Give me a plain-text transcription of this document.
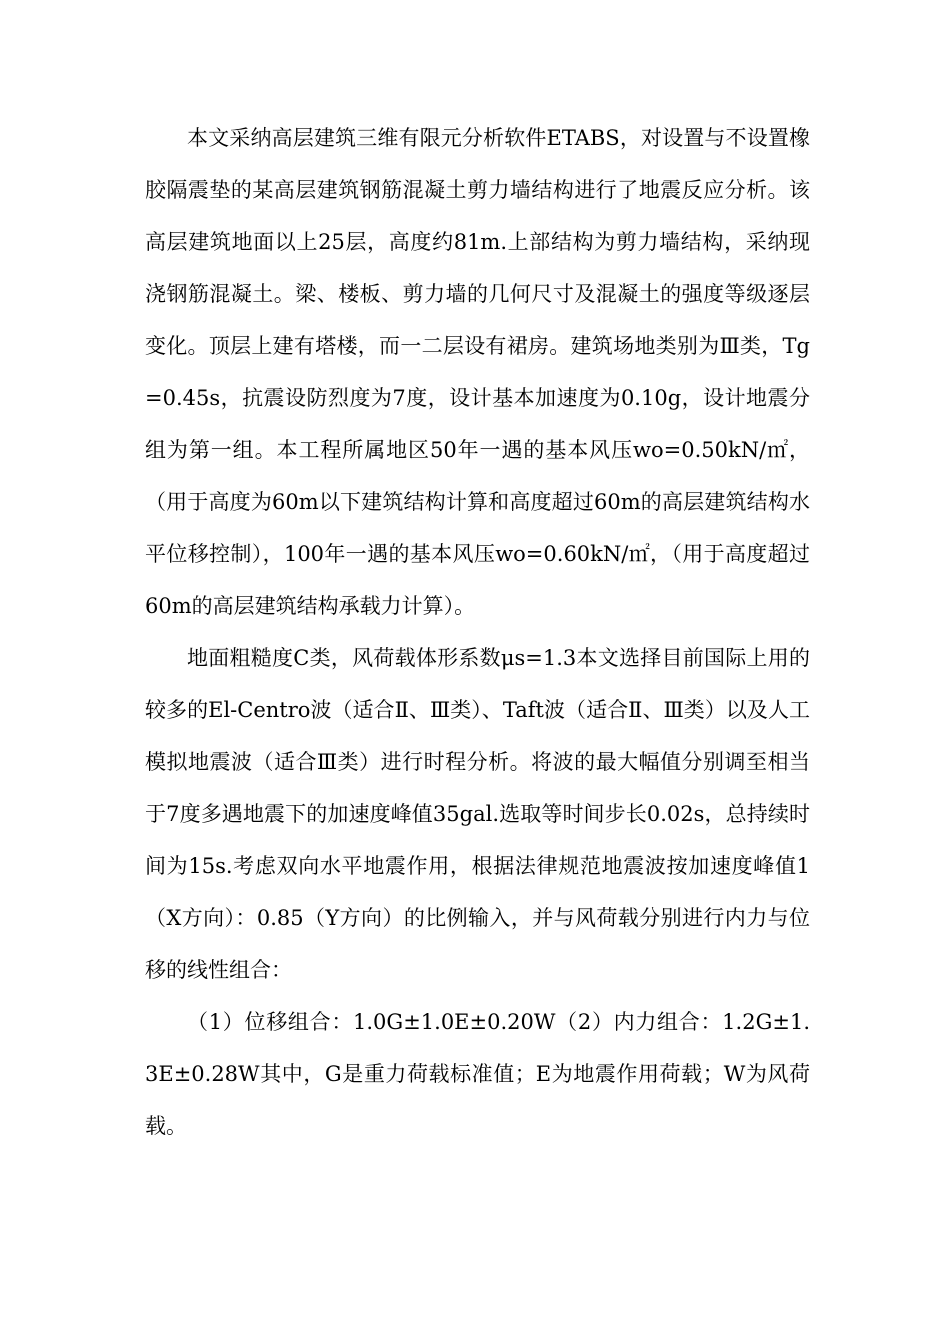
本文采纳高层建筑三维有限元分析软件ETABS，对设置与不设置橡胶隔震垫的某高层建筑钢筋混凝土剪力墙结构进行了地震反应分析。该高层建筑地面以上25层，高度约81m.上部结构为剪力墙结构，采纳现浇钢筋混凝土。梁、楼板、剪力墙的几何尺寸及混凝土的强度等级逐层变化。顶层上建有塔楼，而一二层设有裙房。建筑场地类别为Ⅲ类，Tg=0.45s，抗震设防烈度为7度，设计基本加速度为0.10g，设计地震分组为第一组。本工程所属地区50年一遇的基本风压wo=0.50kN/㎡，（用于高度为60m以下建筑结构计算和高度超过60m的高层建筑结构水平位移控制），100年一遇的基本风压wo=0.60kN/㎡，（用于高度超过60m的高层建筑结构承载力计算）。

地面粗糙度C类，风荷载体形系数μs=1.3本文选择目前国际上用的较多的El-Centro波（适合Ⅱ、Ⅲ类）、Taft波（适合Ⅱ、Ⅲ类）以及人工模拟地震波（适合Ⅲ类）进行时程分析。将波的最大幅值分别调至相当于7度多遇地震下的加速度峰值35gal.选取等时间步长0.02s，总持续时间为15s.考虑双向水平地震作用，根据法律规范地震波按加速度峰值1（X方向）：0.85（Y方向）的比例输入，并与风荷载分别进行内力与位移的线性组合：

（1）位移组合：1.0G±1.0E±0.20W（2）内力组合：1.2G±1.3E±0.28W其中，G是重力荷载标准值；E为地震作用荷载；W为风荷载。
